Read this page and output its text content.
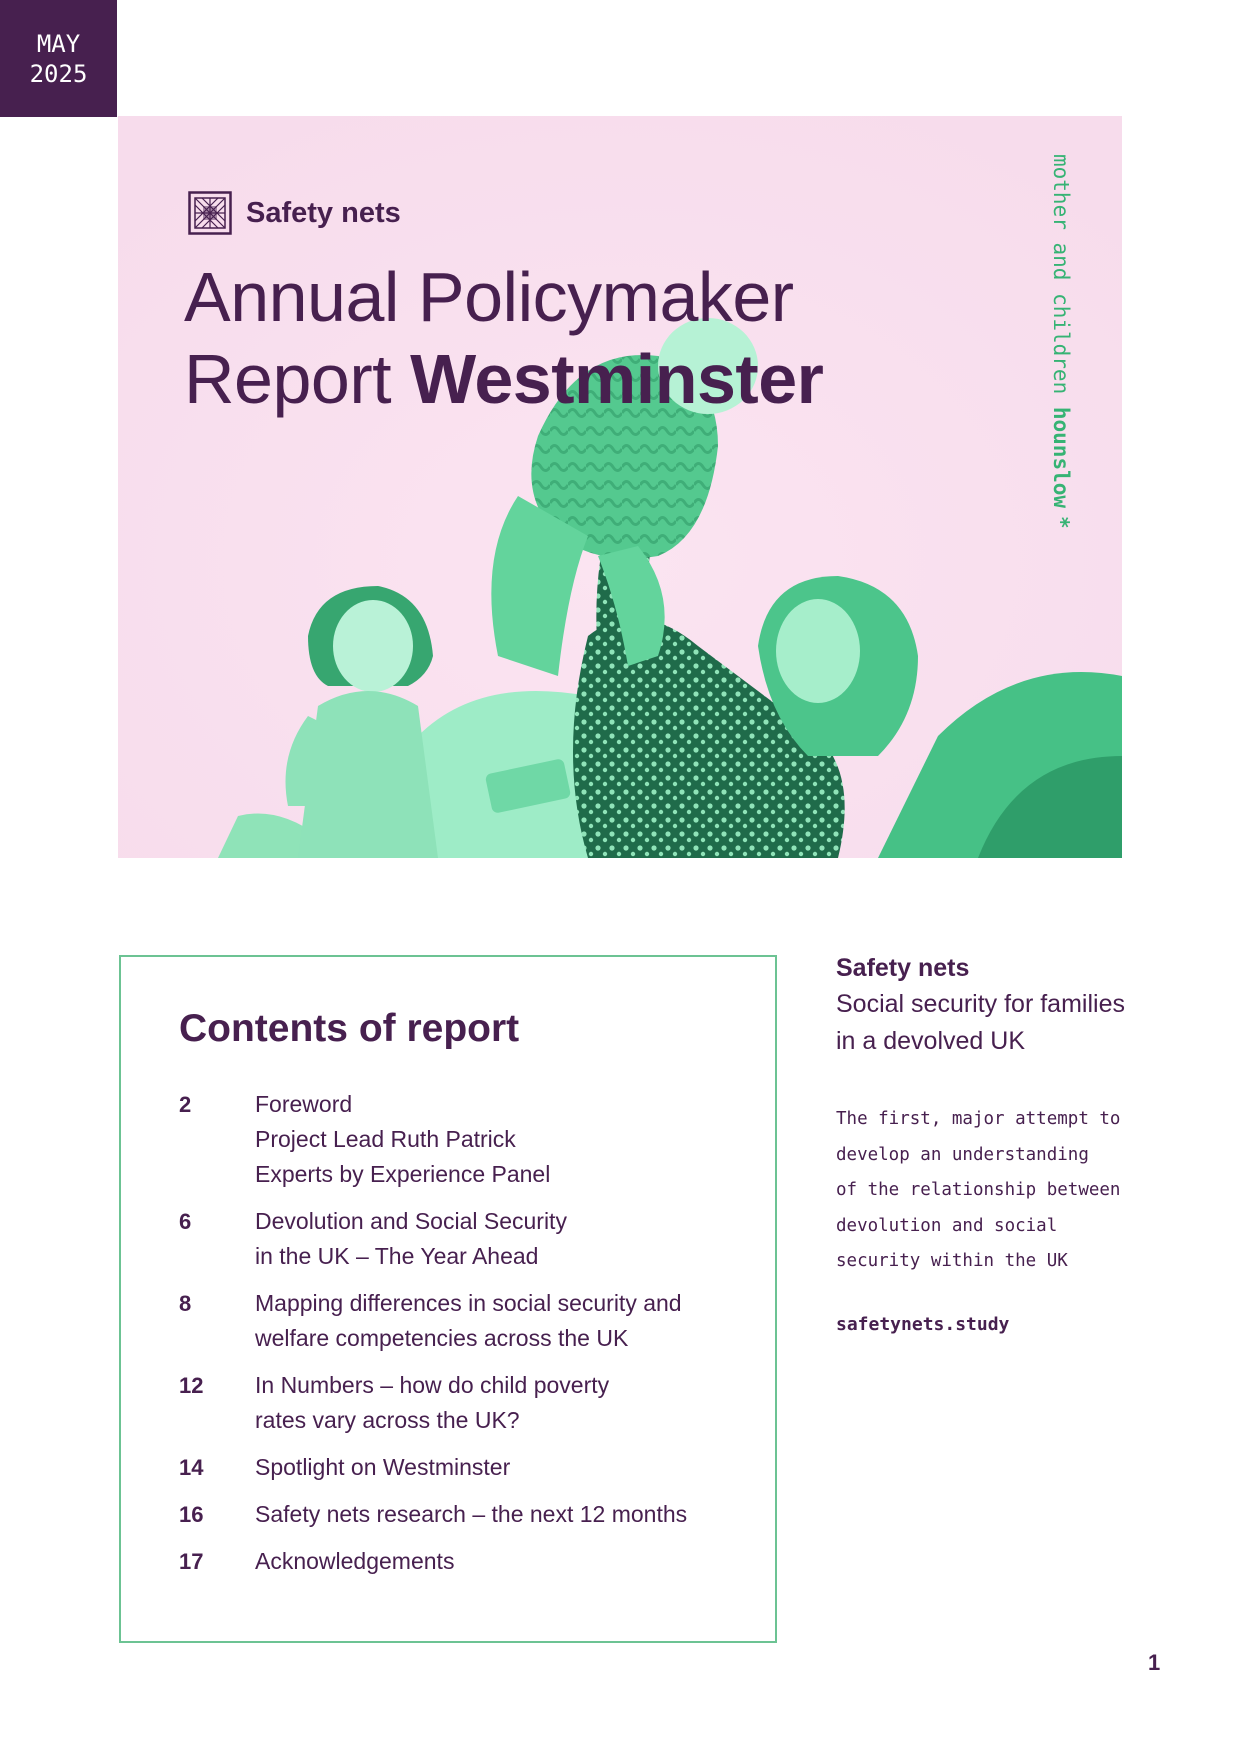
MAY
2025
Safety nets
Annual Policymaker
Report Westminster	mother and children hounslow*
Contents of report
2	Foreword
Project Lead Ruth Patrick
Experts by Experience Panel
6	Devolution and Social Security
in the UK – The Year Ahead
8	Mapping differences in social security and
welfare competencies across the UK
12	In Numbers – how do child poverty
rates vary across the UK?
14	Spotlight on Westminster
16	Safety nets research – the next 12 months
17	Acknowledgements
Safety nets
Social security for families
in a devolved UK
The first, major attempt to
develop an understanding
of the relationship between
devolution and social
security within the UK
safetynets.study
1
